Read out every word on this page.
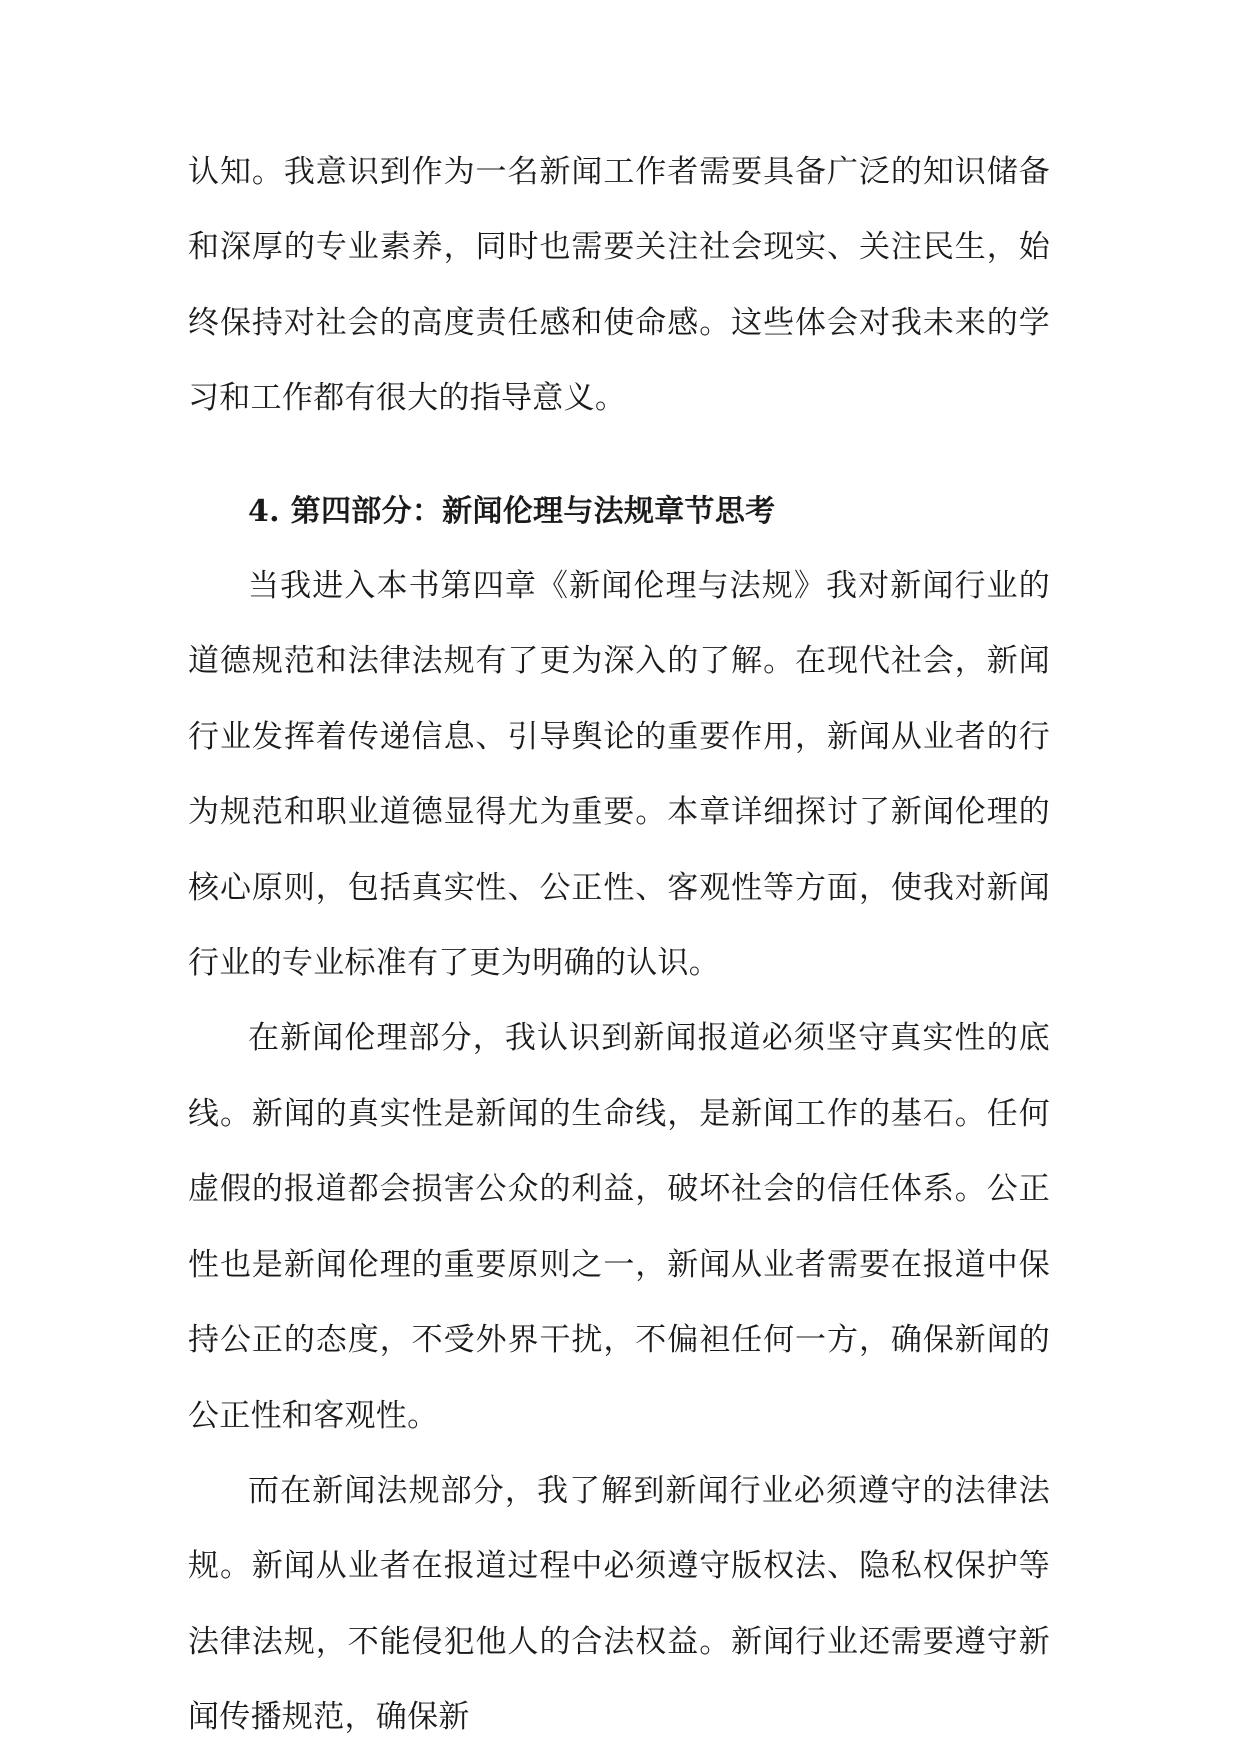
认知。我意识到作为一名新闻工作者需要具备广泛的知识储备和深厚的专业素养，同时也需要关注社会现实、关注民生，始终保持对社会的高度责任感和使命感。这些体会对我未来的学习和工作都有很大的指导意义。

4. 第四部分：新闻伦理与法规章节思考

当我进入本书第四章《新闻伦理与法规》我对新闻行业的道德规范和法律法规有了更为深入的了解。在现代社会，新闻行业发挥着传递信息、引导舆论的重要作用，新闻从业者的行为规范和职业道德显得尤为重要。本章详细探讨了新闻伦理的核心原则，包括真实性、公正性、客观性等方面，使我对新闻行业的专业标准有了更为明确的认识。

在新闻伦理部分，我认识到新闻报道必须坚守真实性的底线。新闻的真实性是新闻的生命线，是新闻工作的基石。任何虚假的报道都会损害公众的利益，破坏社会的信任体系。公正性也是新闻伦理的重要原则之一，新闻从业者需要在报道中保持公正的态度，不受外界干扰，不偏袒任何一方，确保新闻的公正性和客观性。

而在新闻法规部分，我了解到新闻行业必须遵守的法律法规。新闻从业者在报道过程中必须遵守版权法、隐私权保护等法律法规，不能侵犯他人的合法权益。新闻行业还需要遵守新闻传播规范，确保新
